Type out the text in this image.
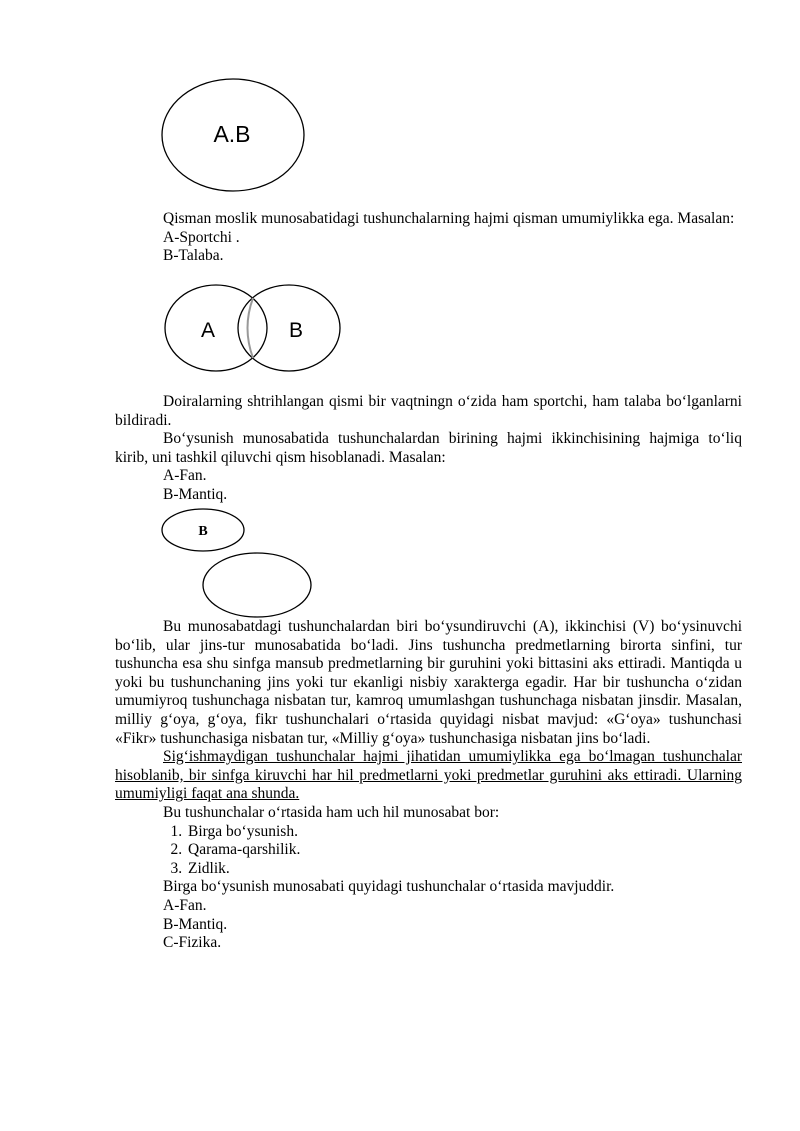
A.B
A	B
B

Qisman moslik munosabatidagi tushunchalarning hajmi qisman umumiylikka ega. Masalan:

A-Sportchi .

B-Talaba.

Doiralarning shtrihlangan qismi bir vaqtningn o‘zida ham sportchi, ham talaba bo‘lganlarni bildiradi.

Bo‘ysunish munosabatida tushunchalardan birining hajmi ikkinchisining hajmiga to‘liq kirib, uni tashkil qiluvchi qism hisoblanadi. Masalan:

A-Fan.

B-Mantiq.

Bu munosabatdagi tushunchalardan biri bo‘ysundiruvchi (A), ikkinchisi (V) bo‘ysinuvchi bo‘lib, ular jins-tur munosabatida bo‘ladi. Jins tushuncha predmetlarning birorta sinfini, tur tushuncha esa shu sinfga mansub predmetlarning bir guruhini yoki bittasini aks ettiradi. Mantiqda u yoki bu tushunchaning jins yoki tur ekanligi nisbiy xarakterga egadir. Har bir tushuncha o‘zidan umumiyroq tushunchaga nisbatan tur, kamroq umumlashgan tushunchaga nisbatan jinsdir. Masalan, milliy g‘oya, g‘oya, fikr tushunchalari o‘rtasida quyidagi nisbat mavjud: «G‘oya» tushunchasi «Fikr» tushunchasiga nisbatan tur, «Milliy g‘oya» tushunchasiga nisbatan jins bo‘ladi.

Sig‘ishmaydigan tushunchalar hajmi jihatidan umumiylikka ega bo‘lmagan tushunchalar hisoblanib, bir sinfga kiruvchi har hil predmetlarni yoki predmetlar guruhini aks ettiradi. Ularning umumiyligi faqat ana shunda.

Bu tushunchalar o‘rtasida ham uch hil munosabat bor:

1. Birga bo‘ysunish.
2. Qarama-qarshilik.
3. Zidlik.

Birga bo‘ysunish munosabati quyidagi tushunchalar o‘rtasida mavjuddir.

A-Fan.

B-Mantiq.

C-Fizika.
